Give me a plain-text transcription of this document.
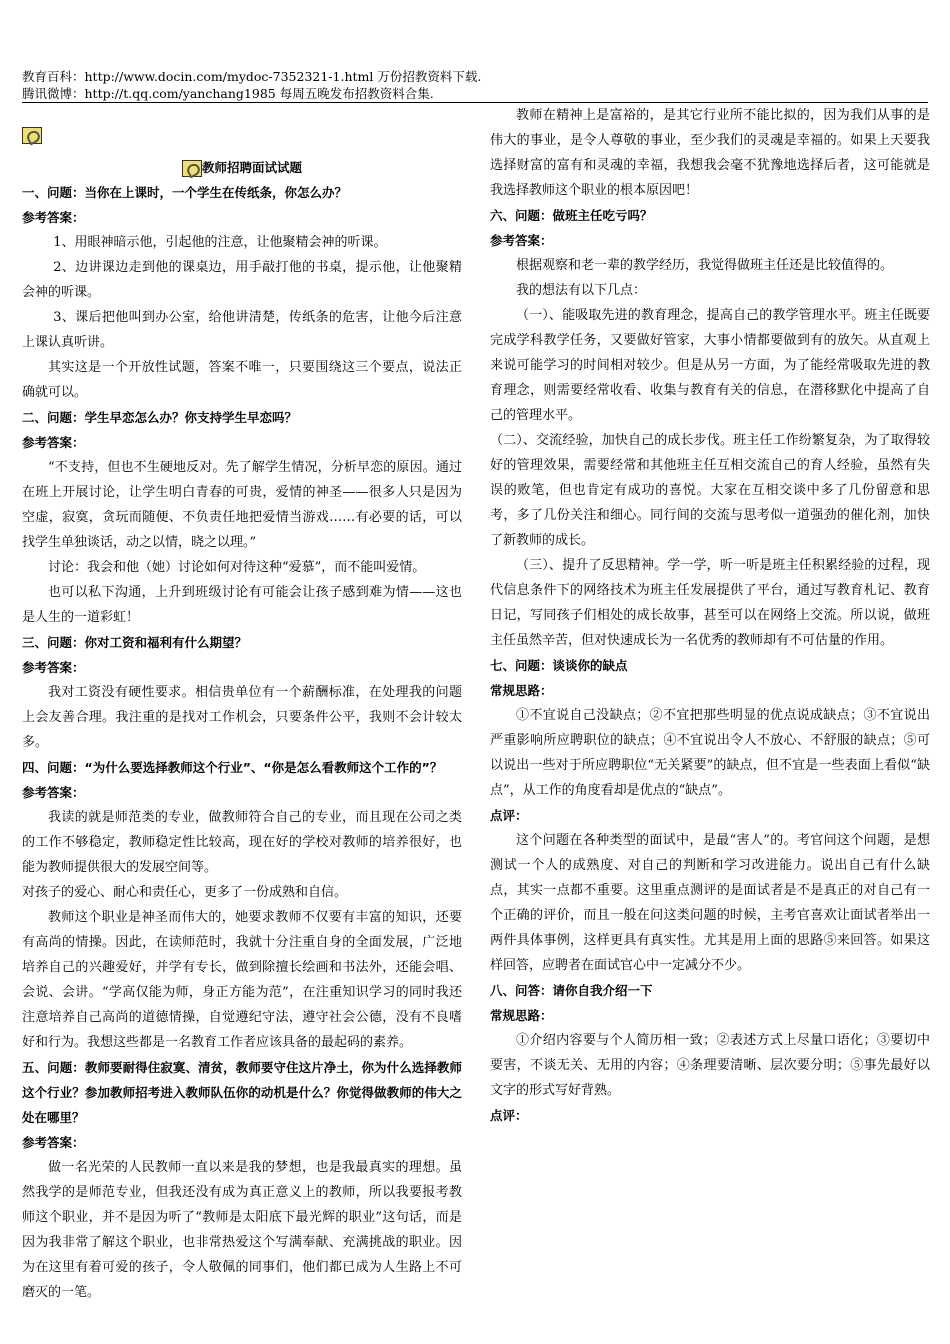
教育百科：http://www.docin.com/mydoc-7352321-1.html 万份招教资料下载.
腾讯微博：http://t.qq.com/yanchang1985 每周五晚发布招教资料合集.

教师招聘面试试题

一、问题：当你在上课时，一个学生在传纸条，你怎么办？

参考答案：

1、用眼神暗示他，引起他的注意，让他聚精会神的听课。

2、边讲课边走到他的课桌边，用手敲打他的书桌，提示他，让他聚精会神的听课。

3、课后把他叫到办公室，给他讲清楚，传纸条的危害，让他今后注意上课认真听讲。

其实这是一个开放性试题，答案不唯一，只要围绕这三个要点，说法正确就可以。

二、问题：学生早恋怎么办？你支持学生早恋吗？

参考答案：

“不支持，但也不生硬地反对。先了解学生情况，分析早恋的原因。通过在班上开展讨论，让学生明白青春的可贵，爱情的神圣——很多人只是因为空虚，寂寞，贪玩而随便、不负责任地把爱情当游戏……有必要的话，可以找学生单独谈话，动之以情，晓之以理。”

讨论：我会和他（她）讨论如何对待这种“爱慕”，而不能叫爱情。

也可以私下沟通，上升到班级讨论有可能会让孩子感到难为情——这也是人生的一道彩虹！

三、问题：你对工资和福利有什么期望？

参考答案：

我对工资没有硬性要求。相信贵单位有一个薪酬标准，在处理我的问题上会友善合理。我注重的是找对工作机会，只要条件公平，我则不会计较太多。

四、问题：“为什么要选择教师这个行业”、“你是怎么看教师这个工作的”？

参考答案：

我读的就是师范类的专业，做教师符合自己的专业，而且现在公司之类的工作不够稳定，教师稳定性比较高，现在好的学校对教师的培养很好，也能为教师提供很大的发展空间等。

对孩子的爱心、耐心和责任心，更多了一份成熟和自信。

教师这个职业是神圣而伟大的，她要求教师不仅要有丰富的知识，还要有高尚的情操。因此，在读师范时，我就十分注重自身的全面发展，广泛地培养自己的兴趣爱好，并学有专长，做到除擅长绘画和书法外，还能会唱、会说、会讲。“学高仅能为师，身正方能为范”，在注重知识学习的同时我还注意培养自己高尚的道德情操，自觉遵纪守法，遵守社会公德，没有不良嗜好和行为。我想这些都是一名教育工作者应该具备的最起码的素养。

五、问题：教师要耐得住寂寞、清贫，教师要守住这片净土，你为什么选择教师这个行业？参加教师招考进入教师队伍你的动机是什么？你觉得做教师的伟大之处在哪里？

参考答案：

做一名光荣的人民教师一直以来是我的梦想，也是我最真实的理想。虽然我学的是师范专业，但我还没有成为真正意义上的教师，所以我要报考教师这个职业，并不是因为听了“教师是太阳底下最光辉的职业”这句话，而是因为我非常了解这个职业，也非常热爱这个写满奉献、充满挑战的职业。因为在这里有着可爱的孩子，令人敬佩的同事们，他们都已成为人生路上不可磨灭的一笔。

教师在精神上是富裕的，是其它行业所不能比拟的，因为我们从事的是伟大的事业，是令人尊敬的事业，至少我们的灵魂是幸福的。如果上天要我选择财富的富有和灵魂的幸福，我想我会毫不犹豫地选择后者，这可能就是我选择教师这个职业的根本原因吧！

六、问题：做班主任吃亏吗？

参考答案：

根据观察和老一辈的教学经历，我觉得做班主任还是比较值得的。

我的想法有以下几点：

（一）、能吸取先进的教育理念，提高自己的教学管理水平。班主任既要完成学科教学任务，又要做好管家，大事小情都要做到有的放矢。从直观上来说可能学习的时间相对较少。但是从另一方面，为了能经常吸取先进的教育理念，则需要经常收看、收集与教育有关的信息，在潜移默化中提高了自己的管理水平。

（二）、交流经验，加快自己的成长步伐。班主任工作纷繁复杂，为了取得较好的管理效果，需要经常和其他班主任互相交流自己的育人经验，虽然有失误的败笔，但也肯定有成功的喜悦。大家在互相交谈中多了几份留意和思考，多了几份关注和细心。同行间的交流与思考似一道强劲的催化剂，加快了新教师的成长。

（三）、提升了反思精神。学一学，听一听是班主任积累经验的过程，现代信息条件下的网络技术为班主任发展提供了平台，通过写教育札记、教育日记，写同孩子们相处的成长故事，甚至可以在网络上交流。所以说，做班主任虽然辛苦，但对快速成长为一名优秀的教师却有不可估量的作用。

七、问题：谈谈你的缺点

常规思路：

①不宜说自己没缺点；②不宜把那些明显的优点说成缺点；③不宜说出严重影响所应聘职位的缺点；④不宜说出令人不放心、不舒服的缺点；⑤可以说出一些对于所应聘职位“无关紧要”的缺点，但不宜是一些表面上看似“缺点”，从工作的角度看却是优点的“缺点”。

点评：

这个问题在各种类型的面试中，是最“害人”的。考官问这个问题，是想测试一个人的成熟度、对自己的判断和学习改进能力。说出自己有什么缺点，其实一点都不重要。这里重点测评的是面试者是不是真正的对自己有一个正确的评价，而且一般在问这类问题的时候，主考官喜欢让面试者举出一两件具体事例，这样更具有真实性。尤其是用上面的思路⑤来回答。如果这样回答，应聘者在面试官心中一定减分不少。

八、问答：请你自我介绍一下

常规思路：

①介绍内容要与个人简历相一致；②表述方式上尽量口语化；③要切中要害，不谈无关、无用的内容；④条理要清晰、层次要分明；⑤事先最好以文字的形式写好背熟。

点评：
